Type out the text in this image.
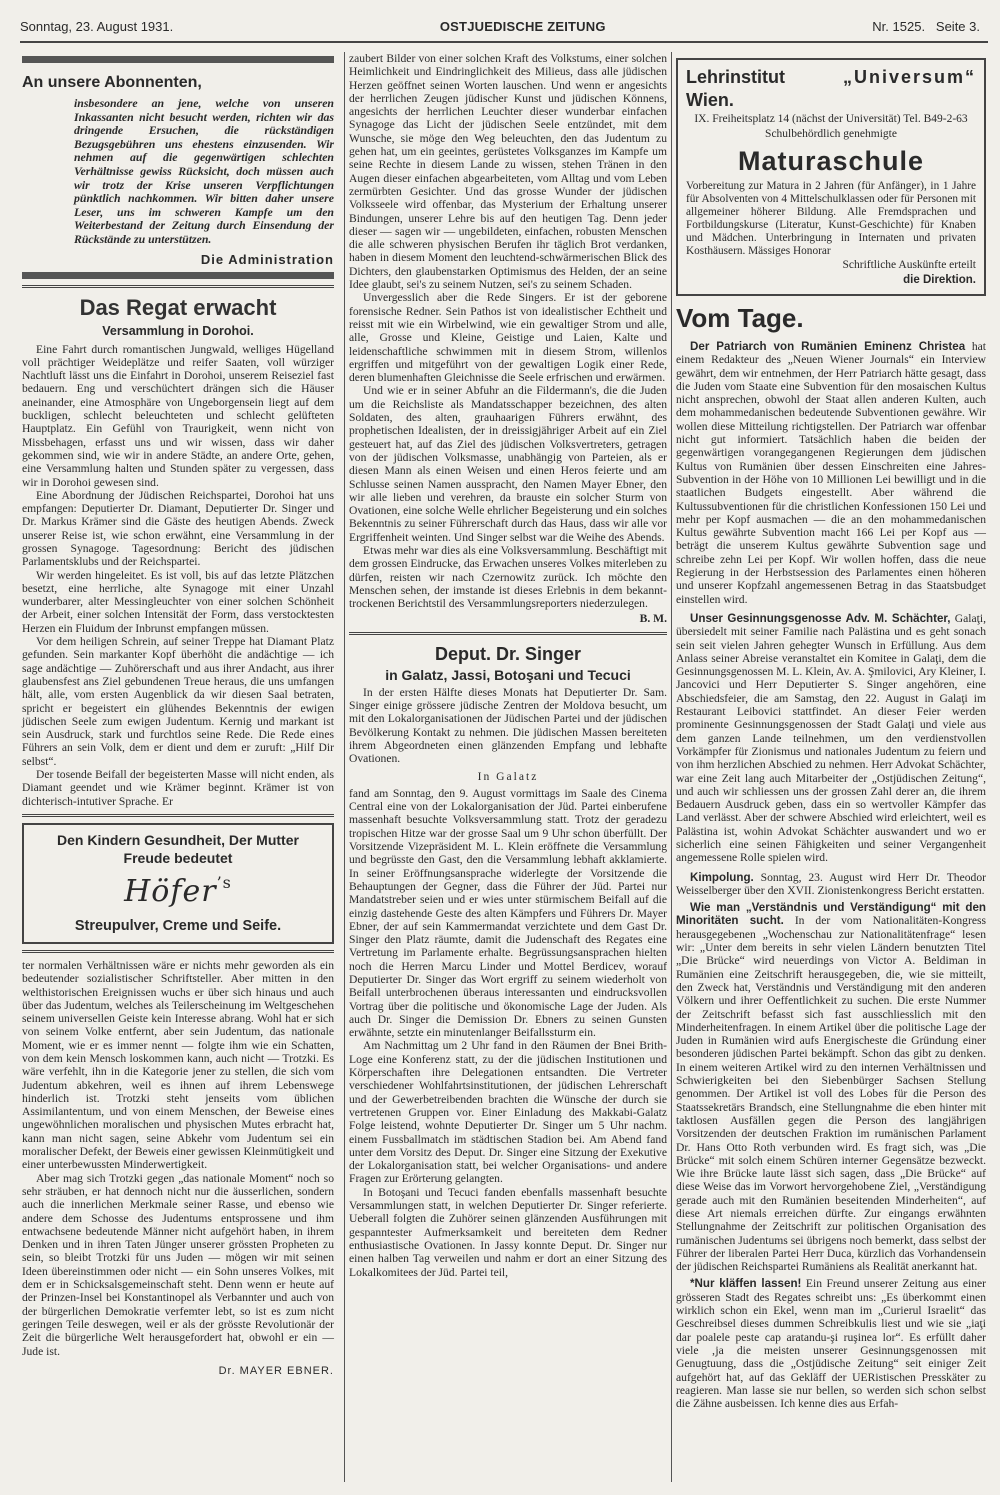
Sonntag, 23. August 1931.	OSTJUEDISCHE ZEITUNG	Nr. 1525. Seite 3.
An unsere Abonnenten,

insbesondere an jene, welche von unseren Inkassanten nicht besucht werden, richten wir das dringende Ersuchen, die rückständigen Bezugsgebühren uns ehestens einzusenden. Wir nehmen auf die gegenwärtigen schlechten Verhältnisse gewiss Rücksicht, doch müssen auch wir trotz der Krise unseren Verpflichtungen pünktlich nachkommen. Wir bitten daher unsere Leser, uns im schweren Kampfe um den Weiterbestand der Zeitung durch Einsendung der Rückstände zu unterstützen.

Die Administration
Das Regat erwacht
Versammlung in Dorohoi.

Eine Fahrt durch romantischen Jungwald, welliges Hügelland voll prächtiger Weideplätze und reifer Saaten, voll würziger Nachtluft lässt uns die Einfahrt in Dorohoi, unserem Reiseziel fast bedauern. Eng und verschüchtert drängen sich die Häuser aneinander, eine Atmosphäre von Ungeborgensein liegt auf dem buckligen, schlecht beleuchteten und schlecht gelüfteten Hauptplatz. Ein Gefühl von Traurigkeit, wenn nicht von Missbehagen, erfasst uns und wir wissen, dass wir daher gekommen sind, wie wir in andere Städte, an andere Orte, gehen, eine Versammlung halten und Stunden später zu vergessen, dass wir in Dorohoi gewesen sind.

Eine Abordnung der Jüdischen Reichspartei, Dorohoi hat uns empfangen: Deputierter Dr. Diamant, Deputierter Dr. Singer und Dr. Markus Krämer sind die Gäste des heutigen Abends. Zweck unserer Reise ist, wie schon erwähnt, eine Versammlung in der grossen Synagoge. Tagesordnung: Bericht des jüdischen Parlamentsklubs und der Reichspartei.

Wir werden hingeleitet. Es ist voll, bis auf das letzte Plätzchen besetzt, eine herrliche, alte Synagoge mit einer Unzahl wunderbarer, alter Messingleuchter von einer solchen Schönheit der Arbeit, einer solchen Intensität der Form, dass verstocktesten Herzen ein Fluidum der Inbrunst empfangen müssen.

Vor dem heiligen Schrein, auf seiner Treppe hat Diamant Platz gefunden. Sein markanter Kopf überhöht die andächtige — ich sage andächtige — Zuhörerschaft und aus ihrer Andacht, aus ihrer glaubensfest ans Ziel gebundenen Treue heraus, die uns umfangen hält, alle, vom ersten Augenblick da wir diesen Saal betraten, spricht er begeistert ein glühendes Bekenntnis der ewigen jüdischen Seele zum ewigen Judentum. Kernig und markant ist sein Ausdruck, stark und furchtlos seine Rede. Die Rede eines Führers an sein Volk, dem er dient und dem er zuruft: „Hilf Dir selbst“.

Der tosende Beifall der begeisterten Masse will nicht enden, als Diamant geendet und wie Krämer beginnt. Krämer ist von dichterisch-intutiver Sprache. Er

Den Kindern Gesundheit, Der Mutter Freude bedeutet
Höfer$^{’s}$
Streupulver, Creme und Seife.

ter normalen Verhältnissen wäre er nichts mehr geworden als ein bedeutender sozialistischer Schriftsteller. Aber mitten in den welthistorischen Ereignissen wuchs er über sich hinaus und auch über das Judentum, welches als Teilerscheinung im Weltgeschehen seinem universellen Geiste kein Interesse abrang. Wohl hat er sich von seinem Volke entfernt, aber sein Judentum, das nationale Moment, wie er es immer nennt — folgte ihm wie ein Schatten, von dem kein Mensch loskommen kann, auch nicht — Trotzki. Es wäre verfehlt, ihn in die Kategorie jener zu stellen, die sich vom Judentum abkehren, weil es ihnen auf ihrem Lebenswege hinderlich ist. Trotzki steht jenseits vom üblichen Assimilantentum, und von einem Menschen, der Beweise eines ungewöhnlichen moralischen und physischen Mutes erbracht hat, kann man nicht sagen, seine Abkehr vom Judentum sei ein moralischer Defekt, der Beweis einer gewissen Kleinmütigkeit und einer unterbewussten Minderwertigkeit.

Aber mag sich Trotzki gegen „das nationale Moment“ noch so sehr sträuben, er hat dennoch nicht nur die äusserlichen, sondern auch die innerlichen Merkmale seiner Rasse, und ebenso wie andere dem Schosse des Judentums entsprossene und ihm entwachsene bedeutende Männer nicht aufgehört haben, in ihrem Denken und in ihren Taten Jünger unserer grössten Propheten zu sein, so bleibt Trotzki für uns Juden — mögen wir mit seinen Ideen übereinstimmen oder nicht — ein Sohn unseres Volkes, mit dem er in Schicksalsgemeinschaft steht. Denn wenn er heute auf der Prinzen-Insel bei Konstantinopel als Verbannter und auch von der bürgerlichen Demokratie verfemter lebt, so ist es zum nicht geringen Teile deswegen, weil er als der grösste Revolutionär der Zeit die bürgerliche Welt herausgefordert hat, obwohl er ein — Jude ist.

Dr. MAYER EBNER.

zaubert Bilder von einer solchen Kraft des Volkstums, einer solchen Heimlichkeit und Eindringlichkeit des Milieus, dass alle jüdischen Herzen geöffnet seinen Worten lauschen. Und wenn er angesichts der herrlichen Zeugen jüdischer Kunst und jüdischen Könnens, angesichts der herrlichen Leuchter dieser wunderbar einfachen Synagoge das Licht der jüdischen Seele entzündet, mit dem Wunsche, sie möge den Weg beleuchten, den das Judentum zu gehen hat, um ein geeintes, gerüstetes Volksganzes im Kampfe um seine Rechte in diesem Lande zu wissen, stehen Tränen in den Augen dieser einfachen abgearbeiteten, vom Alltag und vom Leben zermürbten Gesichter. Und das grosse Wunder der jüdischen Volksseele wird offenbar, das Mysterium der Erhaltung unserer Bindungen, unserer Lehre bis auf den heutigen Tag. Denn jeder dieser — sagen wir — ungebildeten, einfachen, robusten Menschen die alle schweren physischen Berufen ihr täglich Brot verdanken, haben in diesem Moment den leuchtend-schwärmerischen Blick des Dichters, den glaubenstarken Optimismus des Helden, der an seine Idee glaubt, sei's zu seinem Nutzen, sei's zu seinem Schaden.

Unvergesslich aber die Rede Singers. Er ist der geborene forensische Redner. Sein Pathos ist von idealistischer Echtheit und reisst mit wie ein Wirbelwind, wie ein gewaltiger Strom und alle, alle, Grosse und Kleine, Geistige und Laien, Kalte und leidenschaftliche schwimmen mit in diesem Strom, willenlos ergriffen und mitgeführt von der gewaltigen Logik einer Rede, deren blumenhaften Gleichnisse die Seele erfrischen und erwärmen.

Und wie er in seiner Abfuhr an die Fildermann's, die die Juden um die Reichsliste als Mandatsschapper bezeichnen, des alten Soldaten, des alten, grauhaarigen Führers erwähnt, des prophetischen Idealisten, der in dreissigjähriger Arbeit auf ein Ziel gesteuert hat, auf das Ziel des jüdischen Volksvertreters, getragen von der jüdischen Volksmasse, unabhängig von Parteien, als er diesen Mann als einen Weisen und einen Heros feierte und am Schlusse seinen Namen ausspracht, den Namen Mayer Ebner, den wir alle lieben und verehren, da brauste ein solcher Sturm von Ovationen, eine solche Welle ehrlicher Begeisterung und ein solches Bekenntnis zu seiner Führerschaft durch das Haus, dass wir alle vor Ergriffenheit weinten. Und Singer selbst war die Weihe des Abends.

Etwas mehr war dies als eine Volksversammlung. Beschäftigt mit dem grossen Eindrucke, das Erwachen unseres Volkes miterleben zu dürfen, reisten wir nach Czernowitz zurück. Ich möchte den Menschen sehen, der imstande ist dieses Erlebnis in dem bekannt-trockenen Berichtstil des Versammlungsreporters niederzulegen.

B. M.
Deput. Dr. Singer
in Galatz, Jassi, Botoşani und Tecuci

In der ersten Hälfte dieses Monats hat Deputierter Dr. Sam. Singer einige grössere jüdische Zentren der Moldova besucht, um mit den Lokalorganisationen der Jüdischen Partei und der jüdischen Bevölkerung Kontakt zu nehmen. Die jüdischen Massen bereiteten ihrem Abgeordneten einen glänzenden Empfang und lebhafte Ovationen.

In Galatz

fand am Sonntag, den 9. August vormittags im Saale des Cinema Central eine von der Lokalorganisation der Jüd. Partei einberufene massenhaft besuchte Volksversammlung statt. Trotz der geradezu tropischen Hitze war der grosse Saal um 9 Uhr schon überfüllt. Der Vorsitzende Vizepräsident M. L. Klein eröffnete die Versammlung und begrüsste den Gast, den die Versammlung lebhaft akklamierte. In seiner Eröffnungsansprache widerlegte der Vorsitzende die Behauptungen der Gegner, dass die Führer der Jüd. Partei nur Mandatstreber seien und er wies unter stürmischem Beifall auf die einzig dastehende Geste des alten Kämpfers und Führers Dr. Mayer Ebner, der auf sein Kammermandat verzichtete und dem Gast Dr. Singer den Platz räumte, damit die Judenschaft des Regates eine Vertretung im Parlamente erhalte. Begrüssungsansprachen hielten noch die Herren Marcu Linder und Mottel Berdicev, worauf Deputierter Dr. Singer das Wort ergriff zu seinem wiederholt von Beifall unterbrochenen überaus interessanten und eindrucksvollen Vortrag über die politische und ökonomische Lage der Juden. Als auch Dr. Singer die Demission Dr. Ebners zu seinen Gunsten erwähnte, setzte ein minutenlanger Beifallssturm ein.

Am Nachmittag um 2 Uhr fand in den Räumen der Bnei Brith-Loge eine Konferenz statt, zu der die jüdischen Institutionen und Körperschaften ihre Delegationen entsandten. Die Vertreter verschiedener Wohlfahrtsinstitutionen, der jüdischen Lehrerschaft und der Gewerbetreibenden brachten die Wünsche der durch sie vertretenen Gruppen vor. Einer Einladung des Makkabi-Galatz Folge leistend, wohnte Deputierter Dr. Singer um 5 Uhr nachm. einem Fussballmatch im städtischen Stadion bei. Am Abend fand unter dem Vorsitz des Deput. Dr. Singer eine Sitzung der Exekutive der Lokalorganisation statt, bei welcher Organisations- und andere Fragen zur Erörterung gelangten.

In Botoşani und Tecuci fanden ebenfalls massenhaft besuchte Versammlungen statt, in welchen Deputierter Dr. Singer referierte. Ueberall folgten die Zuhörer seinen glänzenden Ausführungen mit gespanntester Aufmerksamkeit und bereiteten dem Redner enthusiastische Ovationen. In Jassy konnte Deput. Dr. Singer nur einen halben Tag verweilen und nahm er dort an einer Sitzung des Lokalkomitees der Jüd. Partei teil,

Lehrinstitut	„Universum“
Wien.
IX. Freiheitsplatz 14 (nächst der Universität) Tel. B49-2-63
Schulbehördlich genehmigte
Maturaschule
Vorbereitung zur Matura in 2 Jahren (für Anfänger), in 1 Jahre für Absolventen von 4 Mittelschulklassen oder für Personen mit allgemeiner höherer Bildung. Alle Fremdsprachen und Fortbildungskurse (Literatur, Kunst-Geschichte) für Knaben und Mädchen. Unterbringung in Internaten und privaten Kosthäusern. Mässiges Honorar
Schriftliche Auskünfte erteilt
die Direktion.
Vom Tage.

Der Patriarch von Rumänien Eminenz Christea hat einem Redakteur des „Neuen Wiener Journals“ ein Interview gewährt, dem wir entnehmen, der Herr Patriarch hätte gesagt, dass die Juden vom Staate eine Subvention für den mosaischen Kultus nicht ansprechen, obwohl der Staat allen anderen Kulten, auch dem mohammedanischen bedeutende Subventionen gewähre. Wir wollen diese Mitteilung richtigstellen. Der Patriarch war offenbar nicht gut informiert. Tatsächlich haben die beiden der gegenwärtigen vorangegangenen Regierungen dem jüdischen Kultus von Rumänien über dessen Einschreiten eine Jahres-Subvention in der Höhe von 10 Millionen Lei bewilligt und in die staatlichen Budgets eingestellt. Aber während die Kultussubventionen für die christlichen Konfessionen 150 Lei und mehr per Kopf ausmachen — die an den mohammedanischen Kultus gewährte Subvention macht 166 Lei per Kopf aus — beträgt die unserem Kultus gewährte Subvention sage und schreibe zehn Lei per Kopf. Wir wollen hoffen, dass die neue Regierung in der Herbstsession des Parlamentes einen höheren und unserer Kopfzahl angemessenen Betrag in das Staatsbudget einstellen wird.

Unser Gesinnungsgenosse Adv. M. Schächter, Galaţi, übersiedelt mit seiner Familie nach Palästina und es geht sonach sein seit vielen Jahren gehegter Wunsch in Erfüllung. Aus dem Anlass seiner Abreise veranstaltet ein Komitee in Galaţi, dem die Gesinnungsgenossen M. L. Klein, Av. A. Şmilovici, Ary Kleiner, I. Jancovici und Herr Deputierter S. Singer angehören, eine Abschiedsfeier, die am Samstag, den 22. August in Galaţi im Restaurant Leibovici stattfindet. An dieser Feier werden prominente Gesinnungsgenossen der Stadt Galaţi und viele aus dem ganzen Lande teilnehmen, um den verdienstvollen Vorkämpfer für Zionismus und nationales Judentum zu feiern und von ihm herzlichen Abschied zu nehmen. Herr Advokat Schächter, war eine Zeit lang auch Mitarbeiter der „Ostjüdischen Zeitung“, und auch wir schliessen uns der grossen Zahl derer an, die ihrem Bedauern Ausdruck geben, dass ein so wertvoller Kämpfer das Land verlässt. Aber der schwere Abschied wird erleichtert, weil es Palästina ist, wohin Advokat Schächter auswandert und wo er sicherlich eine seinen Fähigkeiten und seiner Vergangenheit angemessene Rolle spielen wird.

Kimpolung. Sonntag, 23. August wird Herr Dr. Theodor Weisselberger über den XVII. Zionistenkongress Bericht erstatten.

Wie man „Verständnis und Verständigung“ mit den Minoritäten sucht. In der vom Nationalitäten-Kongress herausgegebenen „Wochenschau zur Nationalitätenfrage“ lesen wir: „Unter dem bereits in sehr vielen Ländern benutzten Titel „Die Brücke“ wird neuerdings von Victor A. Beldiman in Rumänien eine Zeitschrift herausgegeben, die, wie sie mitteilt, den Zweck hat, Verständnis und Verständigung mit den anderen Völkern und ihrer Oeffentlichkeit zu suchen. Die erste Nummer der Zeitschrift befasst sich fast ausschliesslich mit den Minderheitenfragen. In einem Artikel über die politische Lage der Juden in Rumänien wird aufs Energischeste die Gründung einer besonderen jüdischen Partei bekämpft. Schon das gibt zu denken. In einem weiteren Artikel wird zu den internen Verhältnissen und Schwierigkeiten bei den Siebenbürger Sachsen Stellung genommen. Der Artikel ist voll des Lobes für die Person des Staatssekretärs Brandsch, eine Stellungnahme die eben hinter mit taktlosen Ausfällen gegen die Person des langjährigen Vorsitzenden der deutschen Fraktion im rumänischen Parlament Dr. Hans Otto Roth verbunden wird. Es fragt sich, was „Die Brücke“ mit solch einem Schüren interner Gegensätze bezweckt. Wie ihre Brücke laute lässt sich sagen, dass „Die Brücke“ auf diese Weise das im Vorwort hervorgehobene Ziel, „Verständigung gerade auch mit den Rumänien beseitenden Minderheiten“, auf diese Art niemals erreichen dürfte. Zur eingangs erwähnten Stellungnahme der Zeitschrift zur politischen Organisation des rumänischen Judentums sei übrigens noch bemerkt, dass selbst der Führer der liberalen Partei Herr Duca, kürzlich das Vorhandensein der jüdischen Reichspartei Rumäniens als Realität anerkannt hat.

*Nur kläffen lassen! Ein Freund unserer Zeitung aus einer grösseren Stadt des Regates schreibt uns: „Es überkommt einen wirklich schon ein Ekel, wenn man im „Curierul Israelit“ das Geschreibsel dieses dummen Schreibkulis liest und wie sie „iaţi dar poalele peste cap aratandu-şi ruşinea lor“. Es erfüllt daher viele ‚ja die meisten unserer Gesinnungsgenossen mit Genugtuung, dass die „Ostjüdische Zeitung“ seit einiger Zeit aufgehört hat, auf das Gekläff der UERistischen Presskäter zu reagieren. Man lasse sie nur bellen, so werden sich schon selbst die Zähne ausbeissen. Ich kenne dies aus Erfah-
